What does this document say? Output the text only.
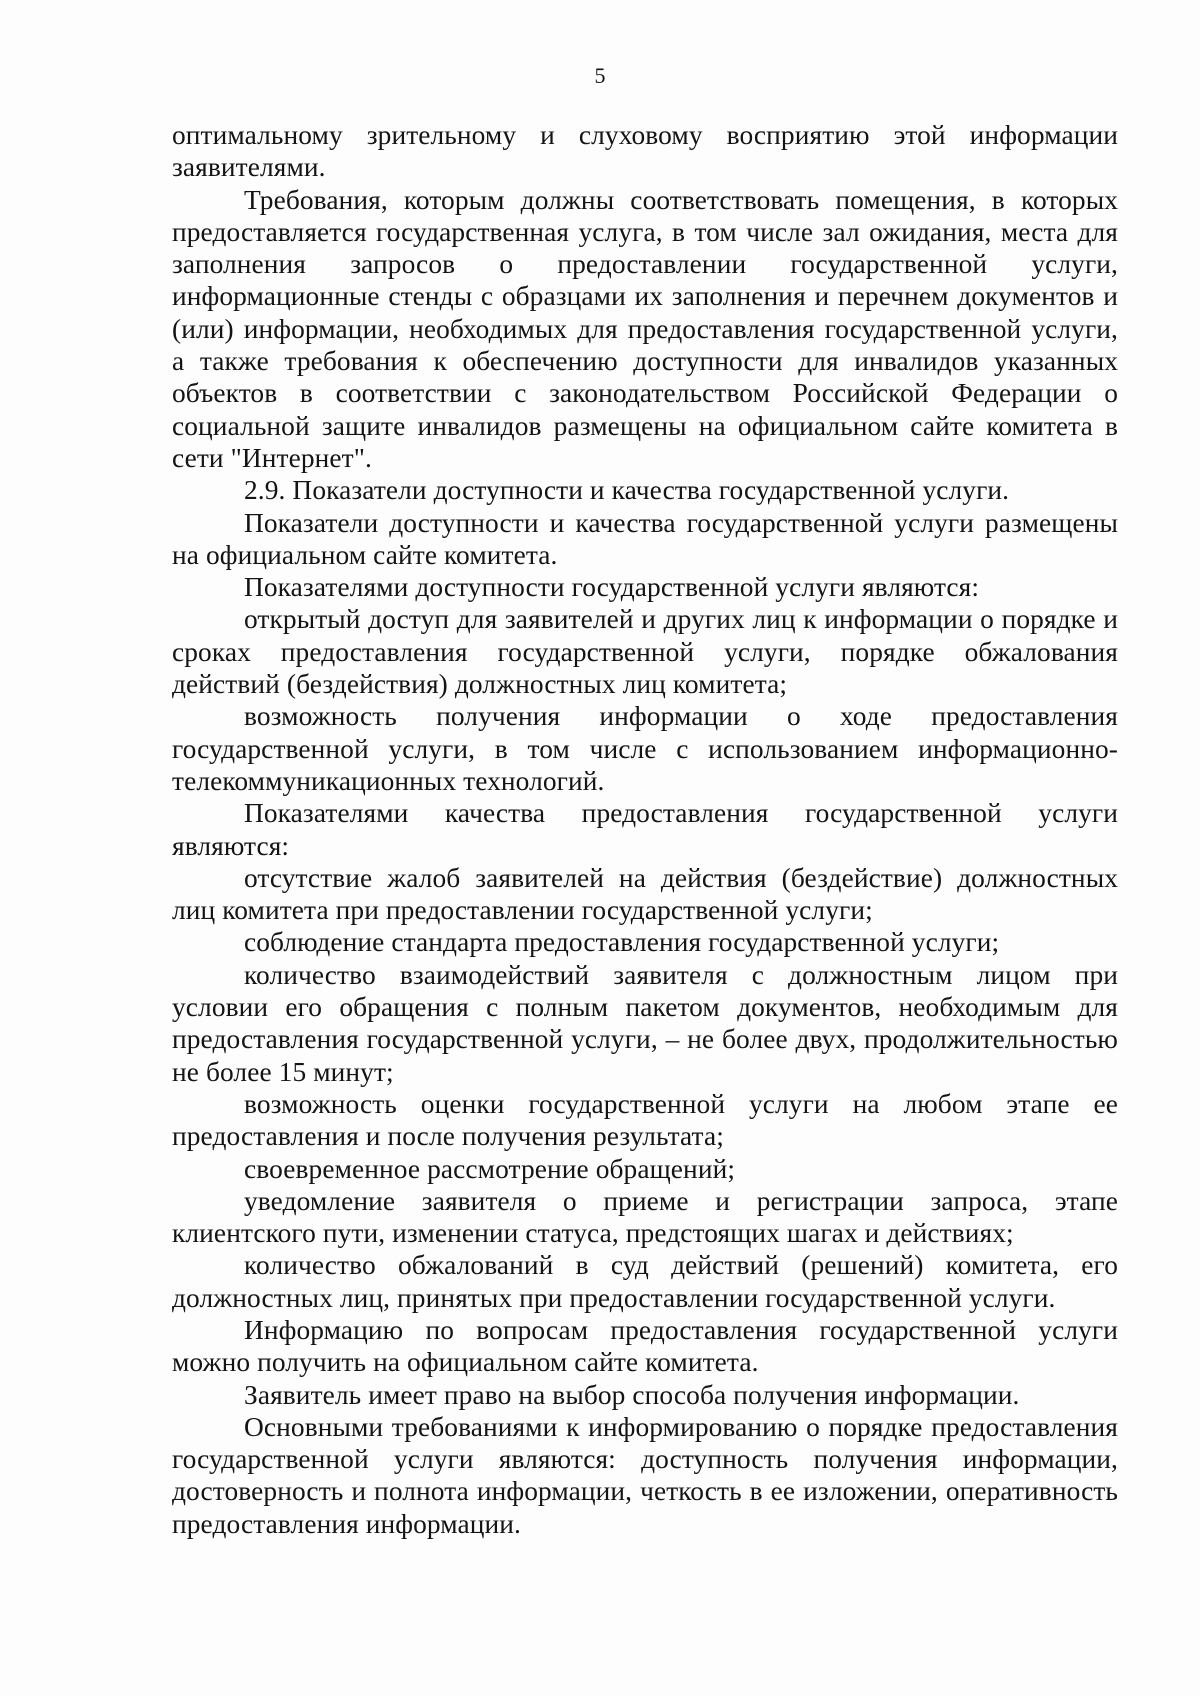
5

оптимальному зрительному и слуховому восприятию этой информации заявителями.

Требования, которым должны соответствовать помещения, в которых предоставляется государственная услуга, в том числе зал ожидания, места для заполнения запросов о предоставлении государственной услуги, информационные стенды с образцами их заполнения и перечнем документов и (или) информации, необходимых для предоставления государственной услуги, а также требования к обеспечению доступности для инвалидов указанных объектов в соответствии с законодательством Российской Федерации о социальной защите инвалидов размещены на официальном сайте комитета в сети "Интернет".

2.9. Показатели доступности и качества государственной услуги.

Показатели доступности и качества государственной услуги размещены на официальном сайте комитета.

Показателями доступности государственной услуги являются:

открытый доступ для заявителей и других лиц к информации о порядке и сроках предоставления государственной услуги, порядке обжалования действий (бездействия) должностных лиц комитета;

возможность получения информации о ходе предоставления государственной услуги, в том числе с использованием информационно-телекоммуникационных технологий.

Показателями качества предоставления государственной услуги являются:

отсутствие жалоб заявителей на действия (бездействие) должностных лиц комитета при предоставлении государственной услуги;

соблюдение стандарта предоставления государственной услуги;

количество взаимодействий заявителя с должностным лицом при условии его обращения с полным пакетом документов, необходимым для предоставления государственной услуги, – не более двух, продолжительностью не более 15 минут;

возможность оценки государственной услуги на любом этапе ее предоставления и после получения результата;

своевременное рассмотрение обращений;

уведомление заявителя о приеме и регистрации запроса, этапе клиентского пути, изменении статуса, предстоящих шагах и действиях;

количество обжалований в суд действий (решений) комитета, его должностных лиц, принятых при предоставлении государственной услуги.

Информацию по вопросам предоставления государственной услуги можно получить на официальном сайте комитета.

Заявитель имеет право на выбор способа получения информации.

Основными требованиями к информированию о порядке предоставления государственной услуги являются: доступность получения информации, достоверность и полнота информации, четкость в ее изложении, оперативность предоставления информации.
